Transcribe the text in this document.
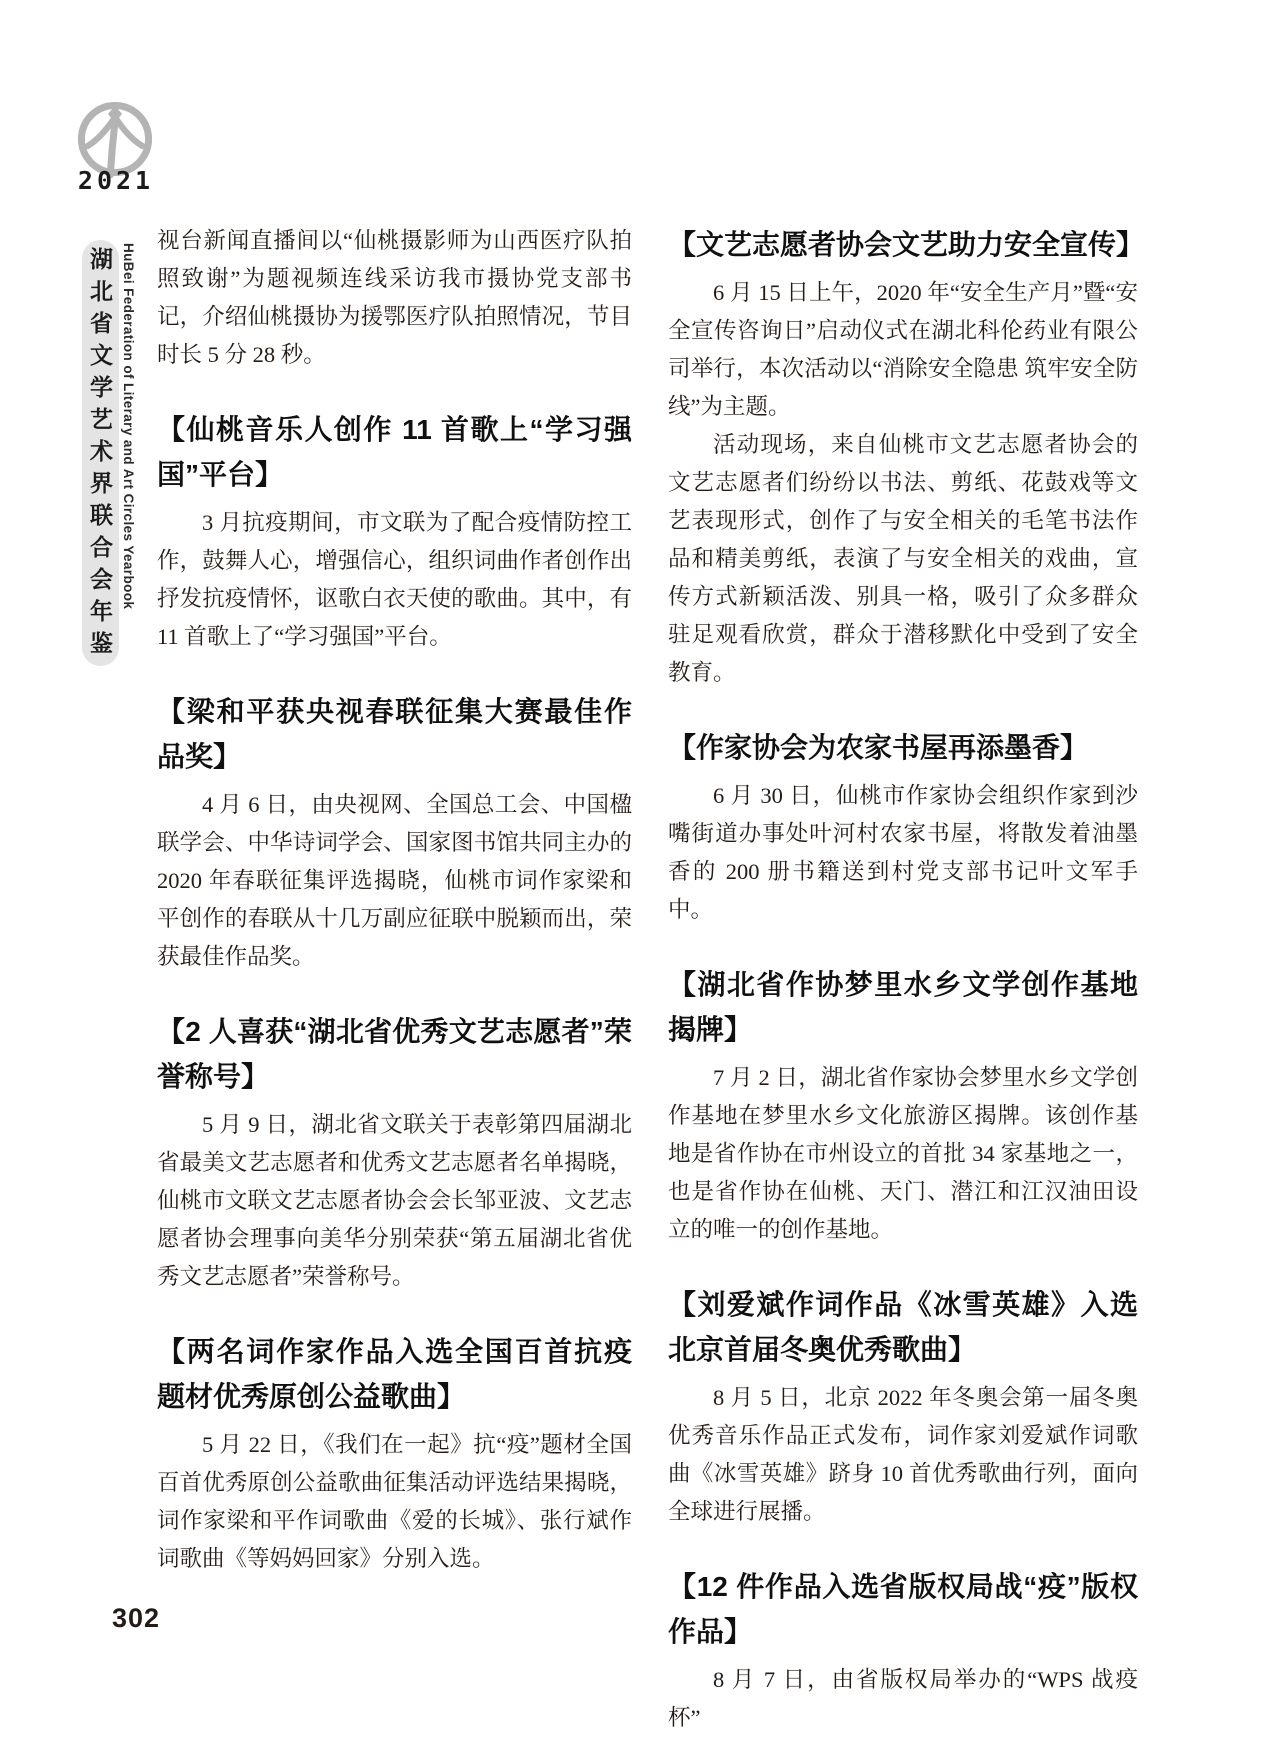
2021
湖北省文学艺术界联合会年鉴 HuBei Federation of Literary and Art Circles Yearbook
视台新闻直播间以“仙桃摄影师为山西医疗队拍照致谢”为题视频连线采访我市摄协党支部书记，介绍仙桃摄协为援鄂医疗队拍照情况，节目时长 5 分 28 秒。
【仙桃音乐人创作 11 首歌上“学习强国”平台】
3 月抗疫期间，市文联为了配合疫情防控工作，鼓舞人心，增强信心，组织词曲作者创作出抒发抗疫情怀，讴歌白衣天使的歌曲。其中，有 11 首歌上了“学习强国”平台。
【梁和平获央视春联征集大赛最佳作品奖】
4 月 6 日，由央视网、全国总工会、中国楹联学会、中华诗词学会、国家图书馆共同主办的 2020 年春联征集评选揭晓，仙桃市词作家梁和平创作的春联从十几万副应征联中脱颖而出，荣获最佳作品奖。
【2 人喜获“湖北省优秀文艺志愿者”荣誉称号】
5 月 9 日，湖北省文联关于表彰第四届湖北省最美文艺志愿者和优秀文艺志愿者名单揭晓，仙桃市文联文艺志愿者协会会长邹亚波、文艺志愿者协会理事向美华分别荣获“第五届湖北省优秀文艺志愿者”荣誉称号。
【两名词作家作品入选全国百首抗疫题材优秀原创公益歌曲】
5 月 22 日，《我们在一起》抗“疫”题材全国百首优秀原创公益歌曲征集活动评选结果揭晓，词作家梁和平作词歌曲《爱的长城》、张行斌作词歌曲《等妈妈回家》分别入选。
【文艺志愿者协会文艺助力安全宣传】
6 月 15 日上午，2020 年“安全生产月”暨“安全宣传咨询日”启动仪式在湖北科伦药业有限公司举行，本次活动以“消除安全隐患 筑牢安全防线”为主题。
活动现场，来自仙桃市文艺志愿者协会的文艺志愿者们纷纷以书法、剪纸、花鼓戏等文艺表现形式，创作了与安全相关的毛笔书法作品和精美剪纸，表演了与安全相关的戏曲，宣传方式新颖活泼、别具一格，吸引了众多群众驻足观看欣赏，群众于潜移默化中受到了安全教育。
【作家协会为农家书屋再添墨香】
6 月 30 日，仙桃市作家协会组织作家到沙嘴街道办事处叶河村农家书屋，将散发着油墨香的 200 册书籍送到村党支部书记叶文军手中。
【湖北省作协梦里水乡文学创作基地揭牌】
7 月 2 日，湖北省作家协会梦里水乡文学创作基地在梦里水乡文化旅游区揭牌。该创作基地是省作协在市州设立的首批 34 家基地之一，也是省作协在仙桃、天门、潜江和江汉油田设立的唯一的创作基地。
【刘爱斌作词作品《冰雪英雄》入选北京首届冬奥优秀歌曲】
8 月 5 日，北京 2022 年冬奥会第一届冬奥优秀音乐作品正式发布，词作家刘爱斌作词歌曲《冰雪英雄》跻身 10 首优秀歌曲行列，面向全球进行展播。
【12 件作品入选省版权局战“疫”版权作品】
8 月 7 日，由省版权局举办的“WPS 战疫杯”
302
